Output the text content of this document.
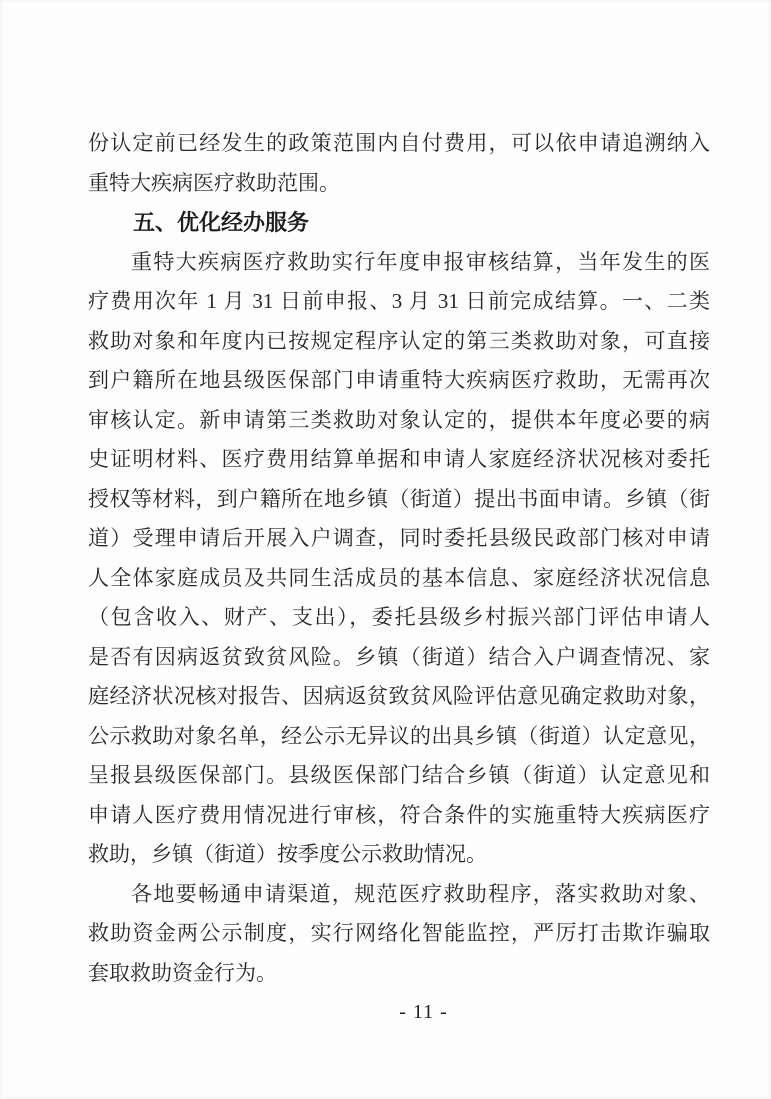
份认定前已经发生的政策范围内自付费用，可以依申请追溯纳入

重特大疾病医疗救助范围。

五、优化经办服务

重特大疾病医疗救助实行年度申报审核结算，当年发生的医

疗费用次年 1 月 31 日前申报、3 月 31 日前完成结算。一、二类

救助对象和年度内已按规定程序认定的第三类救助对象，可直接

到户籍所在地县级医保部门申请重特大疾病医疗救助，无需再次

审核认定。新申请第三类救助对象认定的，提供本年度必要的病

史证明材料、医疗费用结算单据和申请人家庭经济状况核对委托

授权等材料，到户籍所在地乡镇（街道）提出书面申请。乡镇（街

道）受理申请后开展入户调查，同时委托县级民政部门核对申请

人全体家庭成员及共同生活成员的基本信息、家庭经济状况信息

（包含收入、财产、支出），委托县级乡村振兴部门评估申请人

是否有因病返贫致贫风险。乡镇（街道）结合入户调查情况、家

庭经济状况核对报告、因病返贫致贫风险评估意见确定救助对象，

公示救助对象名单，经公示无异议的出具乡镇（街道）认定意见，

呈报县级医保部门。县级医保部门结合乡镇（街道）认定意见和

申请人医疗费用情况进行审核，符合条件的实施重特大疾病医疗

救助，乡镇（街道）按季度公示救助情况。

各地要畅通申请渠道，规范医疗救助程序，落实救助对象、

救助资金两公示制度，实行网络化智能监控，严厉打击欺诈骗取

套取救助资金行为。

- 11 -
